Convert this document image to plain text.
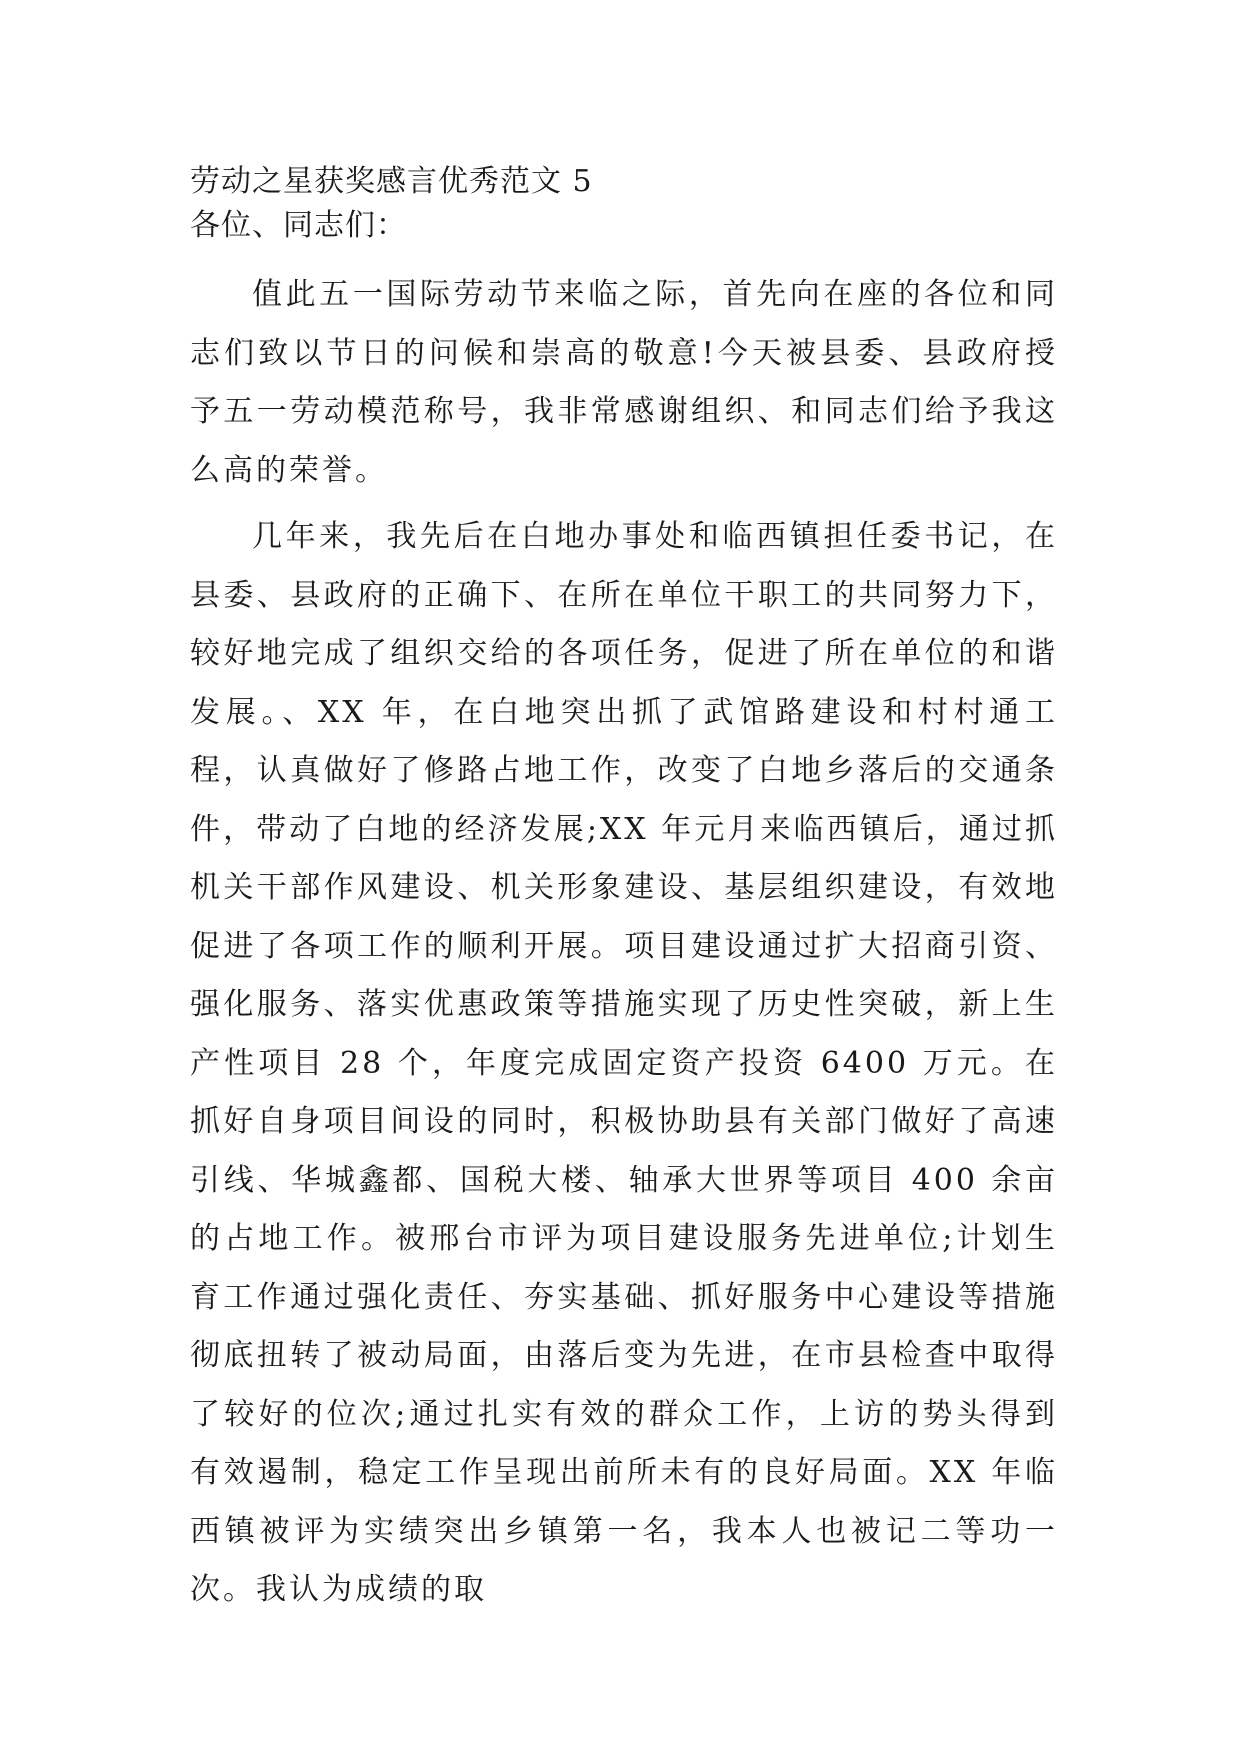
劳动之星获奖感言优秀范文 5

各位、同志们：

值此五一国际劳动节来临之际，首先向在座的各位和同志们致以节日的问候和崇高的敬意!今天被县委、县政府授予五一劳动模范称号，我非常感谢组织、和同志们给予我这么高的荣誉。

几年来，我先后在白地办事处和临西镇担任委书记，在县委、县政府的正确下、在所在单位干职工的共同努力下，较好地完成了组织交给的各项任务，促进了所在单位的和谐发展。、XX 年，在白地突出抓了武馆路建设和村村通工程，认真做好了修路占地工作，改变了白地乡落后的交通条件，带动了白地的经济发展;XX 年元月来临西镇后，通过抓机关干部作风建设、机关形象建设、基层组织建设，有效地促进了各项工作的顺利开展。项目建设通过扩大招商引资、强化服务、落实优惠政策等措施实现了历史性突破，新上生产性项目 28 个，年度完成固定资产投资 6400 万元。在抓好自身项目间设的同时，积极协助县有关部门做好了高速引线、华城鑫都、国税大楼、轴承大世界等项目 400 余亩的占地工作。被邢台市评为项目建设服务先进单位;计划生育工作通过强化责任、夯实基础、抓好服务中心建设等措施彻底扭转了被动局面，由落后变为先进，在市县检查中取得了较好的位次;通过扎实有效的群众工作，上访的势头得到有效遏制，稳定工作呈现出前所未有的良好局面。XX 年临西镇被评为实绩突出乡镇第一名，我本人也被记二等功一次。我认为成绩的取
